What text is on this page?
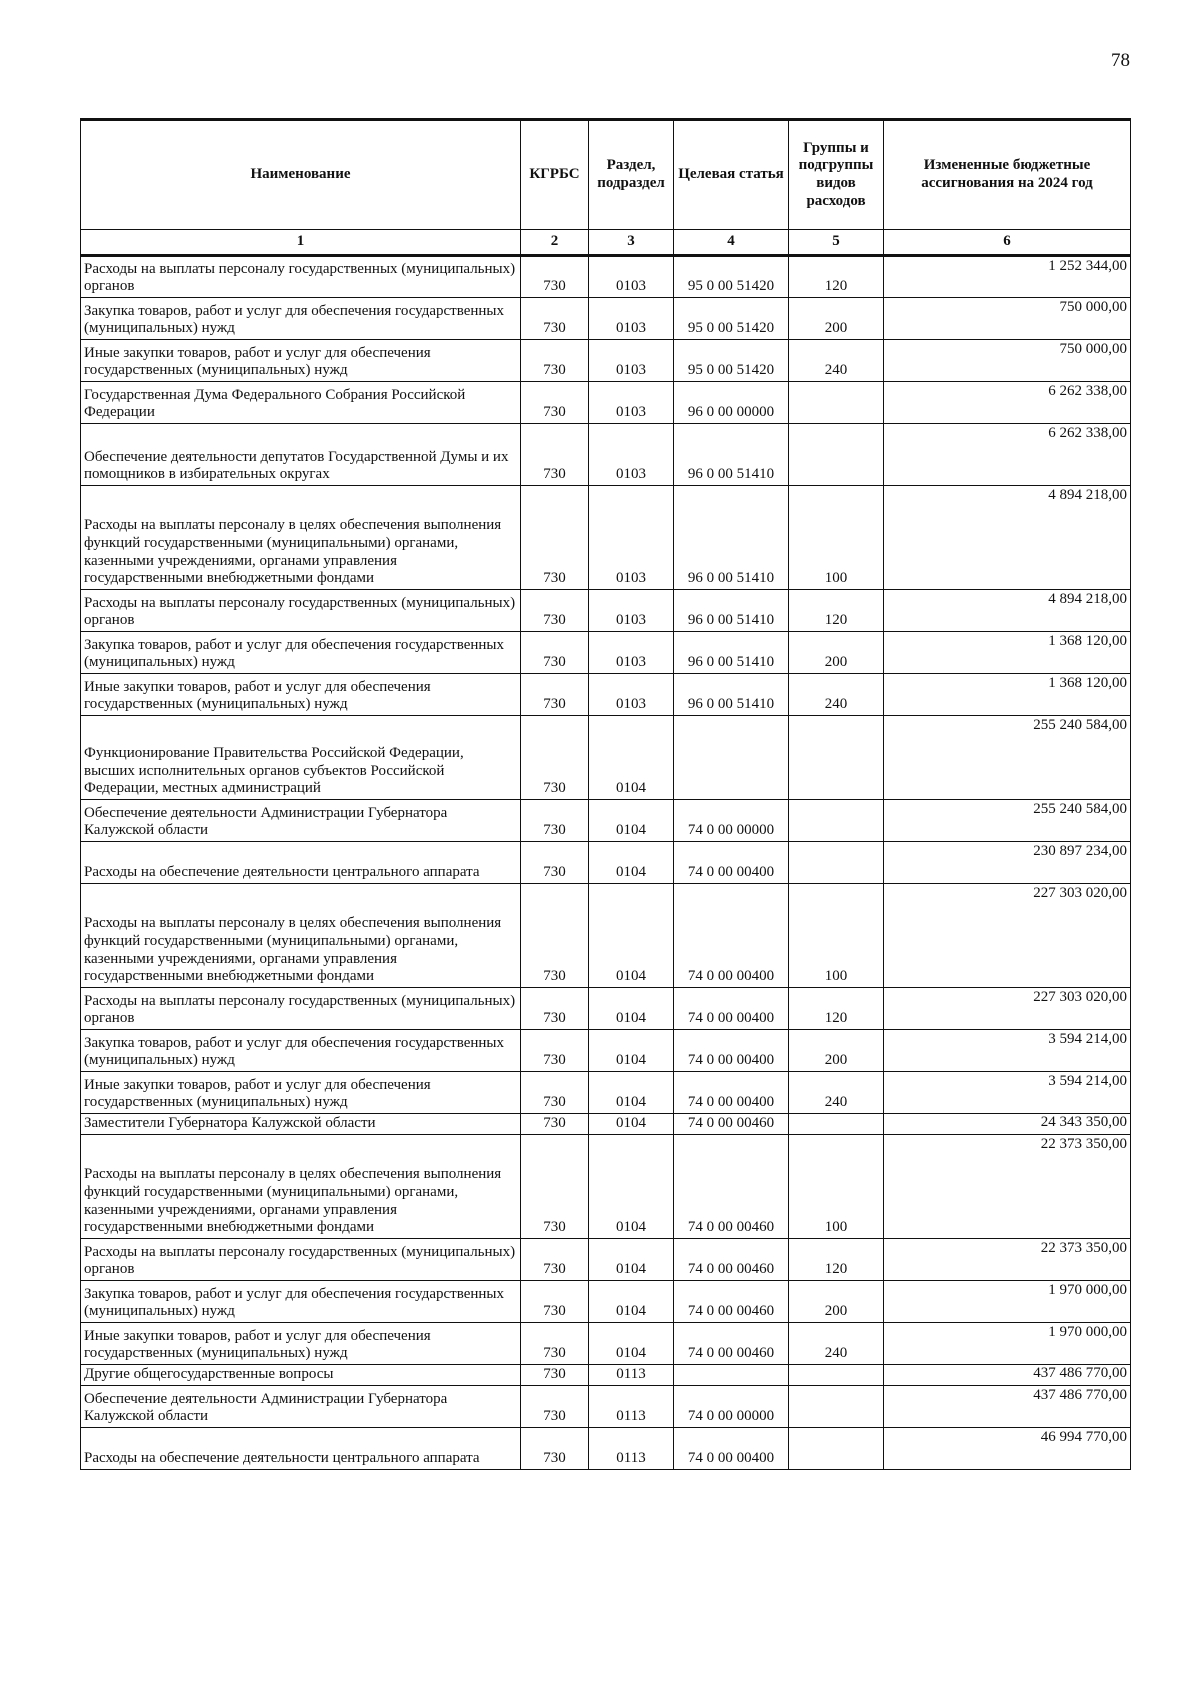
78
Наименование	КГРБС	Раздел, подраздел	Целевая статья	Группы и подгруппы видов расходов	Измененные бюджетные ассигнования на 2024 год
1	2	3	4	5	6
Расходы на выплаты персоналу государственных (муниципальных) органов	730	0103	95 0 00 51420	120	1 252 344,00
Закупка товаров, работ и услуг для обеспечения государственных (муниципальных) нужд	730	0103	95 0 00 51420	200	750 000,00
Иные закупки товаров, работ и услуг для обеспечения государственных (муниципальных) нужд	730	0103	95 0 00 51420	240	750 000,00
Государственная Дума Федерального Собрания Российской Федерации	730	0103	96 0 00 00000		6 262 338,00
Обеспечение деятельности депутатов Государственной Думы и их помощников в избирательных округах	730	0103	96 0 00 51410		6 262 338,00
Расходы на выплаты персоналу в целях обеспечения выполнения функций государственными (муниципальными) органами, казенными учреждениями, органами управления государственными внебюджетными фондами	730	0103	96 0 00 51410	100	4 894 218,00
Расходы на выплаты персоналу государственных (муниципальных) органов	730	0103	96 0 00 51410	120	4 894 218,00
Закупка товаров, работ и услуг для обеспечения государственных (муниципальных) нужд	730	0103	96 0 00 51410	200	1 368 120,00
Иные закупки товаров, работ и услуг для обеспечения государственных (муниципальных) нужд	730	0103	96 0 00 51410	240	1 368 120,00
Функционирование Правительства Российской Федерации, высших исполнительных органов субъектов Российской Федерации, местных администраций	730	0104			255 240 584,00
Обеспечение деятельности Администрации Губернатора Калужской области	730	0104	74 0 00 00000		255 240 584,00
Расходы на обеспечение деятельности центрального аппарата	730	0104	74 0 00 00400		230 897 234,00
Расходы на выплаты персоналу в целях обеспечения выполнения функций государственными (муниципальными) органами, казенными учреждениями, органами управления государственными внебюджетными фондами	730	0104	74 0 00 00400	100	227 303 020,00
Расходы на выплаты персоналу государственных (муниципальных) органов	730	0104	74 0 00 00400	120	227 303 020,00
Закупка товаров, работ и услуг для обеспечения государственных (муниципальных) нужд	730	0104	74 0 00 00400	200	3 594 214,00
Иные закупки товаров, работ и услуг для обеспечения государственных (муниципальных) нужд	730	0104	74 0 00 00400	240	3 594 214,00
Заместители Губернатора Калужской области	730	0104	74 0 00 00460		24 343 350,00
Расходы на выплаты персоналу в целях обеспечения выполнения функций государственными (муниципальными) органами, казенными учреждениями, органами управления государственными внебюджетными фондами	730	0104	74 0 00 00460	100	22 373 350,00
Расходы на выплаты персоналу государственных (муниципальных) органов	730	0104	74 0 00 00460	120	22 373 350,00
Закупка товаров, работ и услуг для обеспечения государственных (муниципальных) нужд	730	0104	74 0 00 00460	200	1 970 000,00
Иные закупки товаров, работ и услуг для обеспечения государственных (муниципальных) нужд	730	0104	74 0 00 00460	240	1 970 000,00
Другие общегосударственные вопросы	730	0113			437 486 770,00
Обеспечение деятельности Администрации Губернатора Калужской области	730	0113	74 0 00 00000		437 486 770,00
Расходы на обеспечение деятельности центрального аппарата	730	0113	74 0 00 00400		46 994 770,00
